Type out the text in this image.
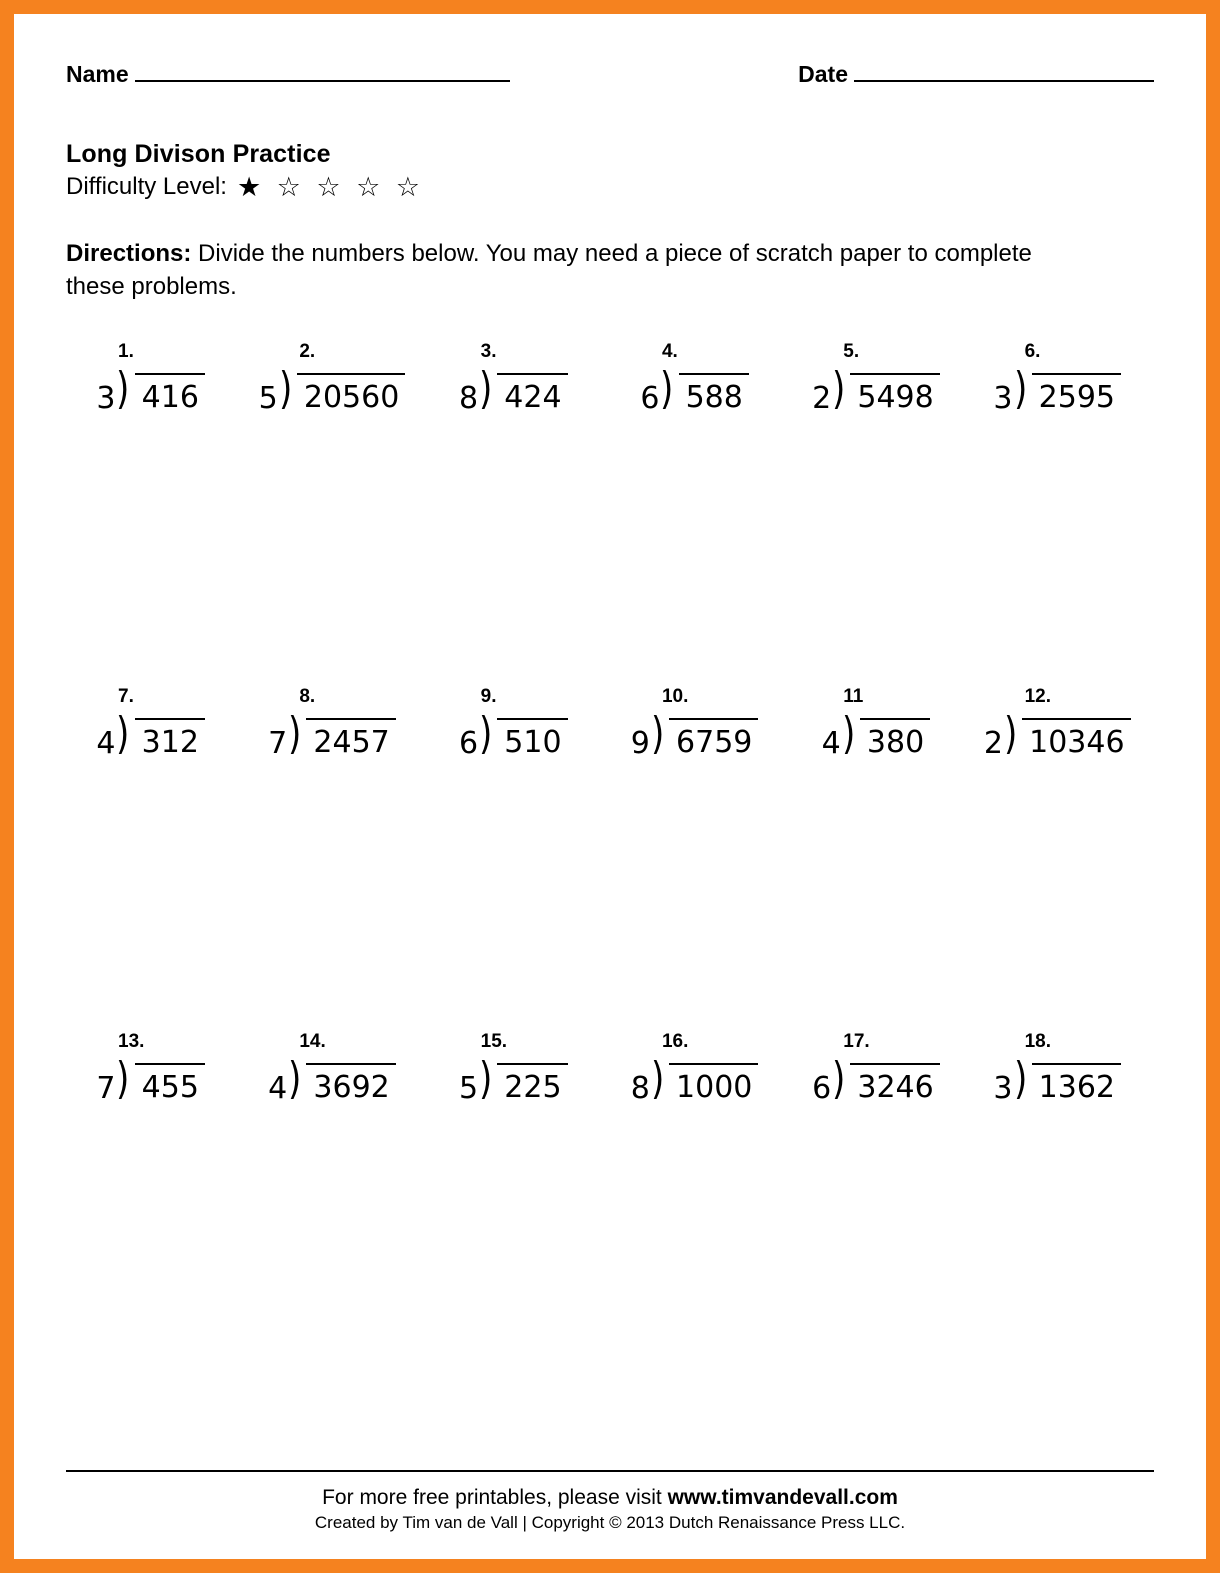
Name	Date
Long Divison Practice
Difficulty Level: ★ ☆ ☆ ☆ ☆
Directions: Divide the numbers below. You may need a piece of scratch paper to complete these problems.
1.
3 ) 416
2.
5 ) 20560
3.
8 ) 424
4.
6 ) 588
5.
2 ) 5498
6.
3 ) 2595
7.
4 ) 312
8.
7 ) 2457
9.
6 ) 510
10.
9 ) 6759
11
4 ) 380
12.
2 ) 10346
13.
7 ) 455
14.
4 ) 3692
15.
5 ) 225
16.
8 ) 1000
17.
6 ) 3246
18.
3 ) 1362
For more free printables, please visit www.timvandevall.com
Created by Tim van de Vall | Copyright © 2013 Dutch Renaissance Press LLC.
